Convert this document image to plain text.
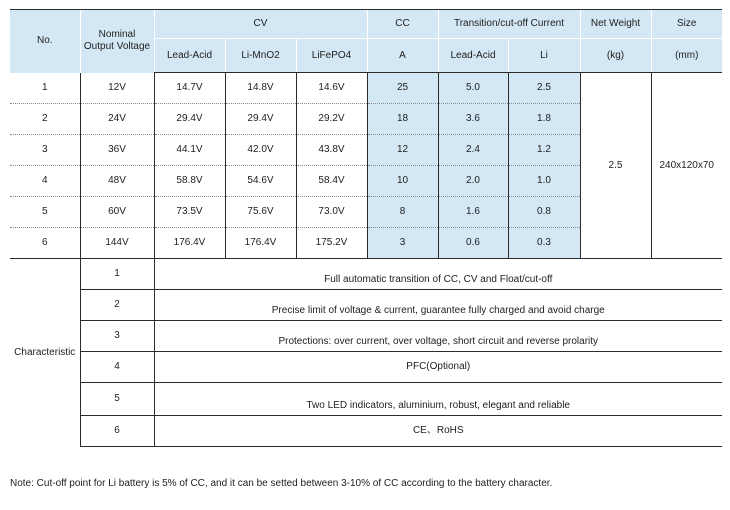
No.	Nominal
Output Voltage	CV			CC	Transition/cut-off Current		Net Weight	Size
		Lead-Acid	Li-MnO2	LiFePO4	A	Lead-Acid	Li	(kg)	(mm)
1	12V	14.7V	14.8V	14.6V	25	5.0	2.5	2.5	240x120x70
2	24V	29.4V	29.4V	29.2V	18	3.6	1.8		
3	36V	44.1V	42.0V	43.8V	12	2.4	1.2		
4	48V	58.8V	54.6V	58.4V	10	2.0	1.0		
5	60V	73.5V	75.6V	73.0V	8	1.6	0.8		
6	144V	176.4V	176.4V	175.2V	3	0.6	0.3		
Characteristic	1	Full automatic transition of CC, CV and Float/cut-off							
	2	Precise limit of voltage & current, guarantee fully charged and avoid charge							
	3	Protections: over current, over voltage, short circuit and reverse prolarity							
	4	PFC(Optional)							
	5	Two LED indicators, aluminium, robust, elegant and reliable							
	6	CE、RoHS							
Note: Cut-off point for Li battery is 5% of CC, and it can be setted between 3-10% of CC according to the battery character.
